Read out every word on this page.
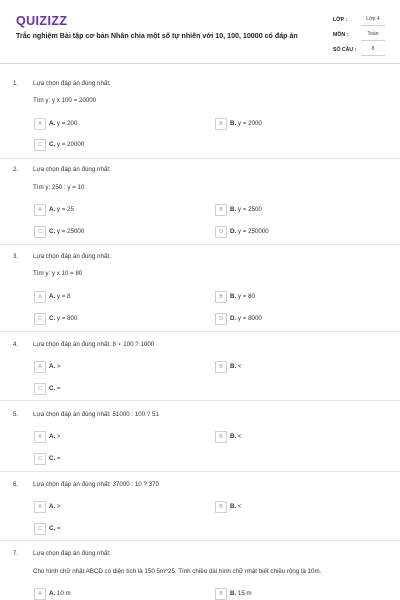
QUIZIZZ
Trắc nghiệm Bài tập cơ bản Nhân chia một số tự nhiên với 10, 100, 10000 có đáp án
LỚP :	Lớp 4
MÔN :	Toán
SỐ CÂU :	8
1. Lựa chọn đáp án đúng nhất:
Tìm y: y x 100 = 20000
A	A. y = 200	B	B. y = 2000
C	C. y = 20000
2. Lựa chọn đáp án đúng nhất:
Tìm y: 250 : y = 10
A	A. y = 25	B	B. y = 2500
C	C. y = 25000	D	D. y = 250000
3. Lựa chọn đáp án đúng nhất:
Tìm y: y x 10 = 80
A	A. y = 8	B	B. y = 80
C	C. y = 800	D	D. y = 8000
4. Lựa chọn đáp án đúng nhất: 8 ⋆ 100 ? 1000
A	A. >	B	B. <
C	C. =
5. Lựa chọn đáp án đúng nhất: 51000 : 100 ? 51
A	A. >	B	B. <
C	C. =
6. Lựa chọn đáp án đúng nhất: 37000 : 10 ? 370
A	A. >	B	B. <
C	C. =
7. Lựa chọn đáp án đúng nhất:
Cho hình chữ nhật ABCD có diện tích là 150 5m^25. Tính chiều dài hình chữ nhật biết chiều rộng là 10m.
A	A. 10 m	B	B. 15 m
